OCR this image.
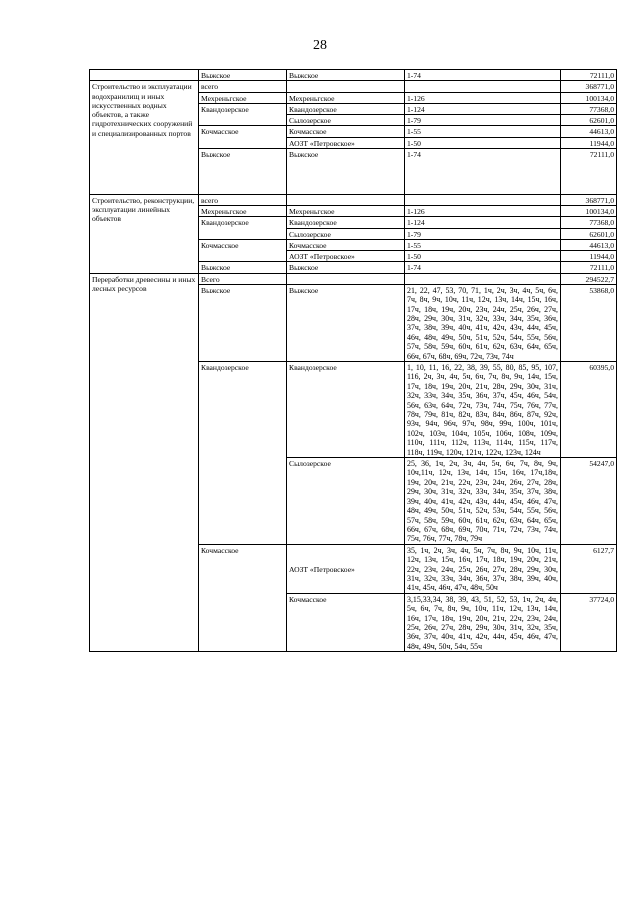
28
	Выжское	Выжское	1-74	72111,0
Строительство и эксплуатации водохранилищ и иных искусственных водных объектов, а также гидротехнических сооружений и специализированных портов	всего			368771,0
	Мехреньгское	Мехреньгское	1-126	100134,0
	Квандозерское	Квандозерское	1-124	77368,0
		Сылозерское	1-79	62601,0
	Кочмасское	Кочмасское	1-55	44613,0
		АОЗТ «Петровское»	1-50	11944,0
	Выжское	Выжское	1-74	72111,0
Строительство, реконструкции, эксплуатации линейных объектов	всего			368771,0
	Мехреньгское	Мехреньгское	1-126	100134,0
	Квандозерское	Квандозерское	1-124	77368,0
		Сылозерское	1-79	62601,0
	Кочмасское	Кочмасское	1-55	44613,0
		АОЗТ «Петровское»	1-50	11944,0
	Выжское	Выжское	1-74	72111,0
Переработки древесины и иных лесных ресурсов	Всего			294522,7
	Выжское	Выжское	21, 22, 47, 53, 70, 71, 1ч, 2ч, 3ч, 4ч, 5ч, 6ч, 7ч, 8ч, 9ч, 10ч, 11ч, 12ч, 13ч, 14ч, 15ч, 16ч, 17ч, 18ч, 19ч, 20ч, 23ч, 24ч, 25ч, 26ч, 27ч, 28ч, 29ч, 30ч, 31ч, 32ч, 33ч, 34ч, 35ч, 36ч, 37ч, 38ч, 39ч, 40ч, 41ч, 42ч, 43ч, 44ч, 45ч, 46ч, 48ч, 49ч, 50ч, 51ч, 52ч, 54ч, 55ч, 56ч, 57ч, 58ч, 59ч, 60ч, 61ч, 62ч, 63ч, 64ч, 65ч, 66ч, 67ч, 68ч, 69ч, 72ч, 73ч, 74ч	53868,0
	Квандозерское	Квандозерское	1, 10, 11, 16, 22, 38, 39, 55, 80, 85, 95, 107, 116, 2ч, 3ч, 4ч, 5ч, 6ч, 7ч, 8ч, 9ч, 14ч, 15ч, 17ч, 18ч, 19ч, 20ч, 21ч, 28ч, 29ч, 30ч, 31ч, 32ч, 33ч, 34ч, 35ч, 36ч, 37ч, 45ч, 46ч, 54ч, 56ч, 63ч, 64ч, 72ч, 73ч, 74ч, 75ч, 76ч, 77ч, 78ч, 79ч, 81ч, 82ч, 83ч, 84ч, 86ч, 87ч, 92ч, 93ч, 94ч, 96ч, 97ч, 98ч, 99ч, 100ч, 101ч, 102ч, 103ч, 104ч, 105ч, 106ч, 108ч, 109ч, 110ч, 111ч, 112ч, 113ч, 114ч, 115ч, 117ч, 118ч, 119ч, 120ч, 121ч, 122ч, 123ч, 124ч	60395,0
		Сылозерское	25, 36, 1ч, 2ч, 3ч, 4ч, 5ч, 6ч, 7ч, 8ч, 9ч, 10ч,11ч, 12ч, 13ч, 14ч, 15ч, 16ч, 17ч,18ч, 19ч, 20ч, 21ч, 22ч, 23ч, 24ч, 26ч, 27ч, 28ч, 29ч, 30ч, 31ч, 32ч, 33ч, 34ч, 35ч, 37ч, 38ч, 39ч, 40ч, 41ч, 42ч, 43ч, 44ч, 45ч, 46ч, 47ч, 48ч, 49ч, 50ч, 51ч, 52ч, 53ч, 54ч, 55ч, 56ч, 57ч, 58ч, 59ч, 60ч, 61ч, 62ч, 63ч, 64ч, 65ч, 66ч, 67ч, 68ч, 69ч, 70ч, 71ч, 72ч, 73ч, 74ч, 75ч, 76ч, 77ч, 78ч, 79ч	54247,0
	Кочмасское	АОЗТ «Петровское»	35, 1ч, 2ч, 3ч, 4ч, 5ч, 7ч, 8ч, 9ч, 10ч, 11ч, 12ч, 13ч, 15ч, 16ч, 17ч, 18ч, 19ч, 20ч, 21ч, 22ч, 23ч, 24ч, 25ч, 26ч, 27ч, 28ч, 29ч, 30ч, 31ч, 32ч, 33ч, 34ч, 36ч, 37ч, 38ч, 39ч, 40ч, 41ч, 45ч, 46ч, 47ч, 48ч, 50ч	6127,7
		Кочмасское	3,15,33,34, 38, 39, 43, 51, 52, 53, 1ч, 2ч, 4ч, 5ч, 6ч, 7ч, 8ч, 9ч, 10ч, 11ч, 12ч, 13ч, 14ч, 16ч, 17ч, 18ч, 19ч, 20ч, 21ч, 22ч, 23ч, 24ч, 25ч, 26ч, 27ч, 28ч, 29ч, 30ч, 31ч, 32ч, 35ч, 36ч, 37ч, 40ч, 41ч, 42ч, 44ч, 45ч, 46ч, 47ч, 48ч, 49ч, 50ч, 54ч, 55ч	37724,0
